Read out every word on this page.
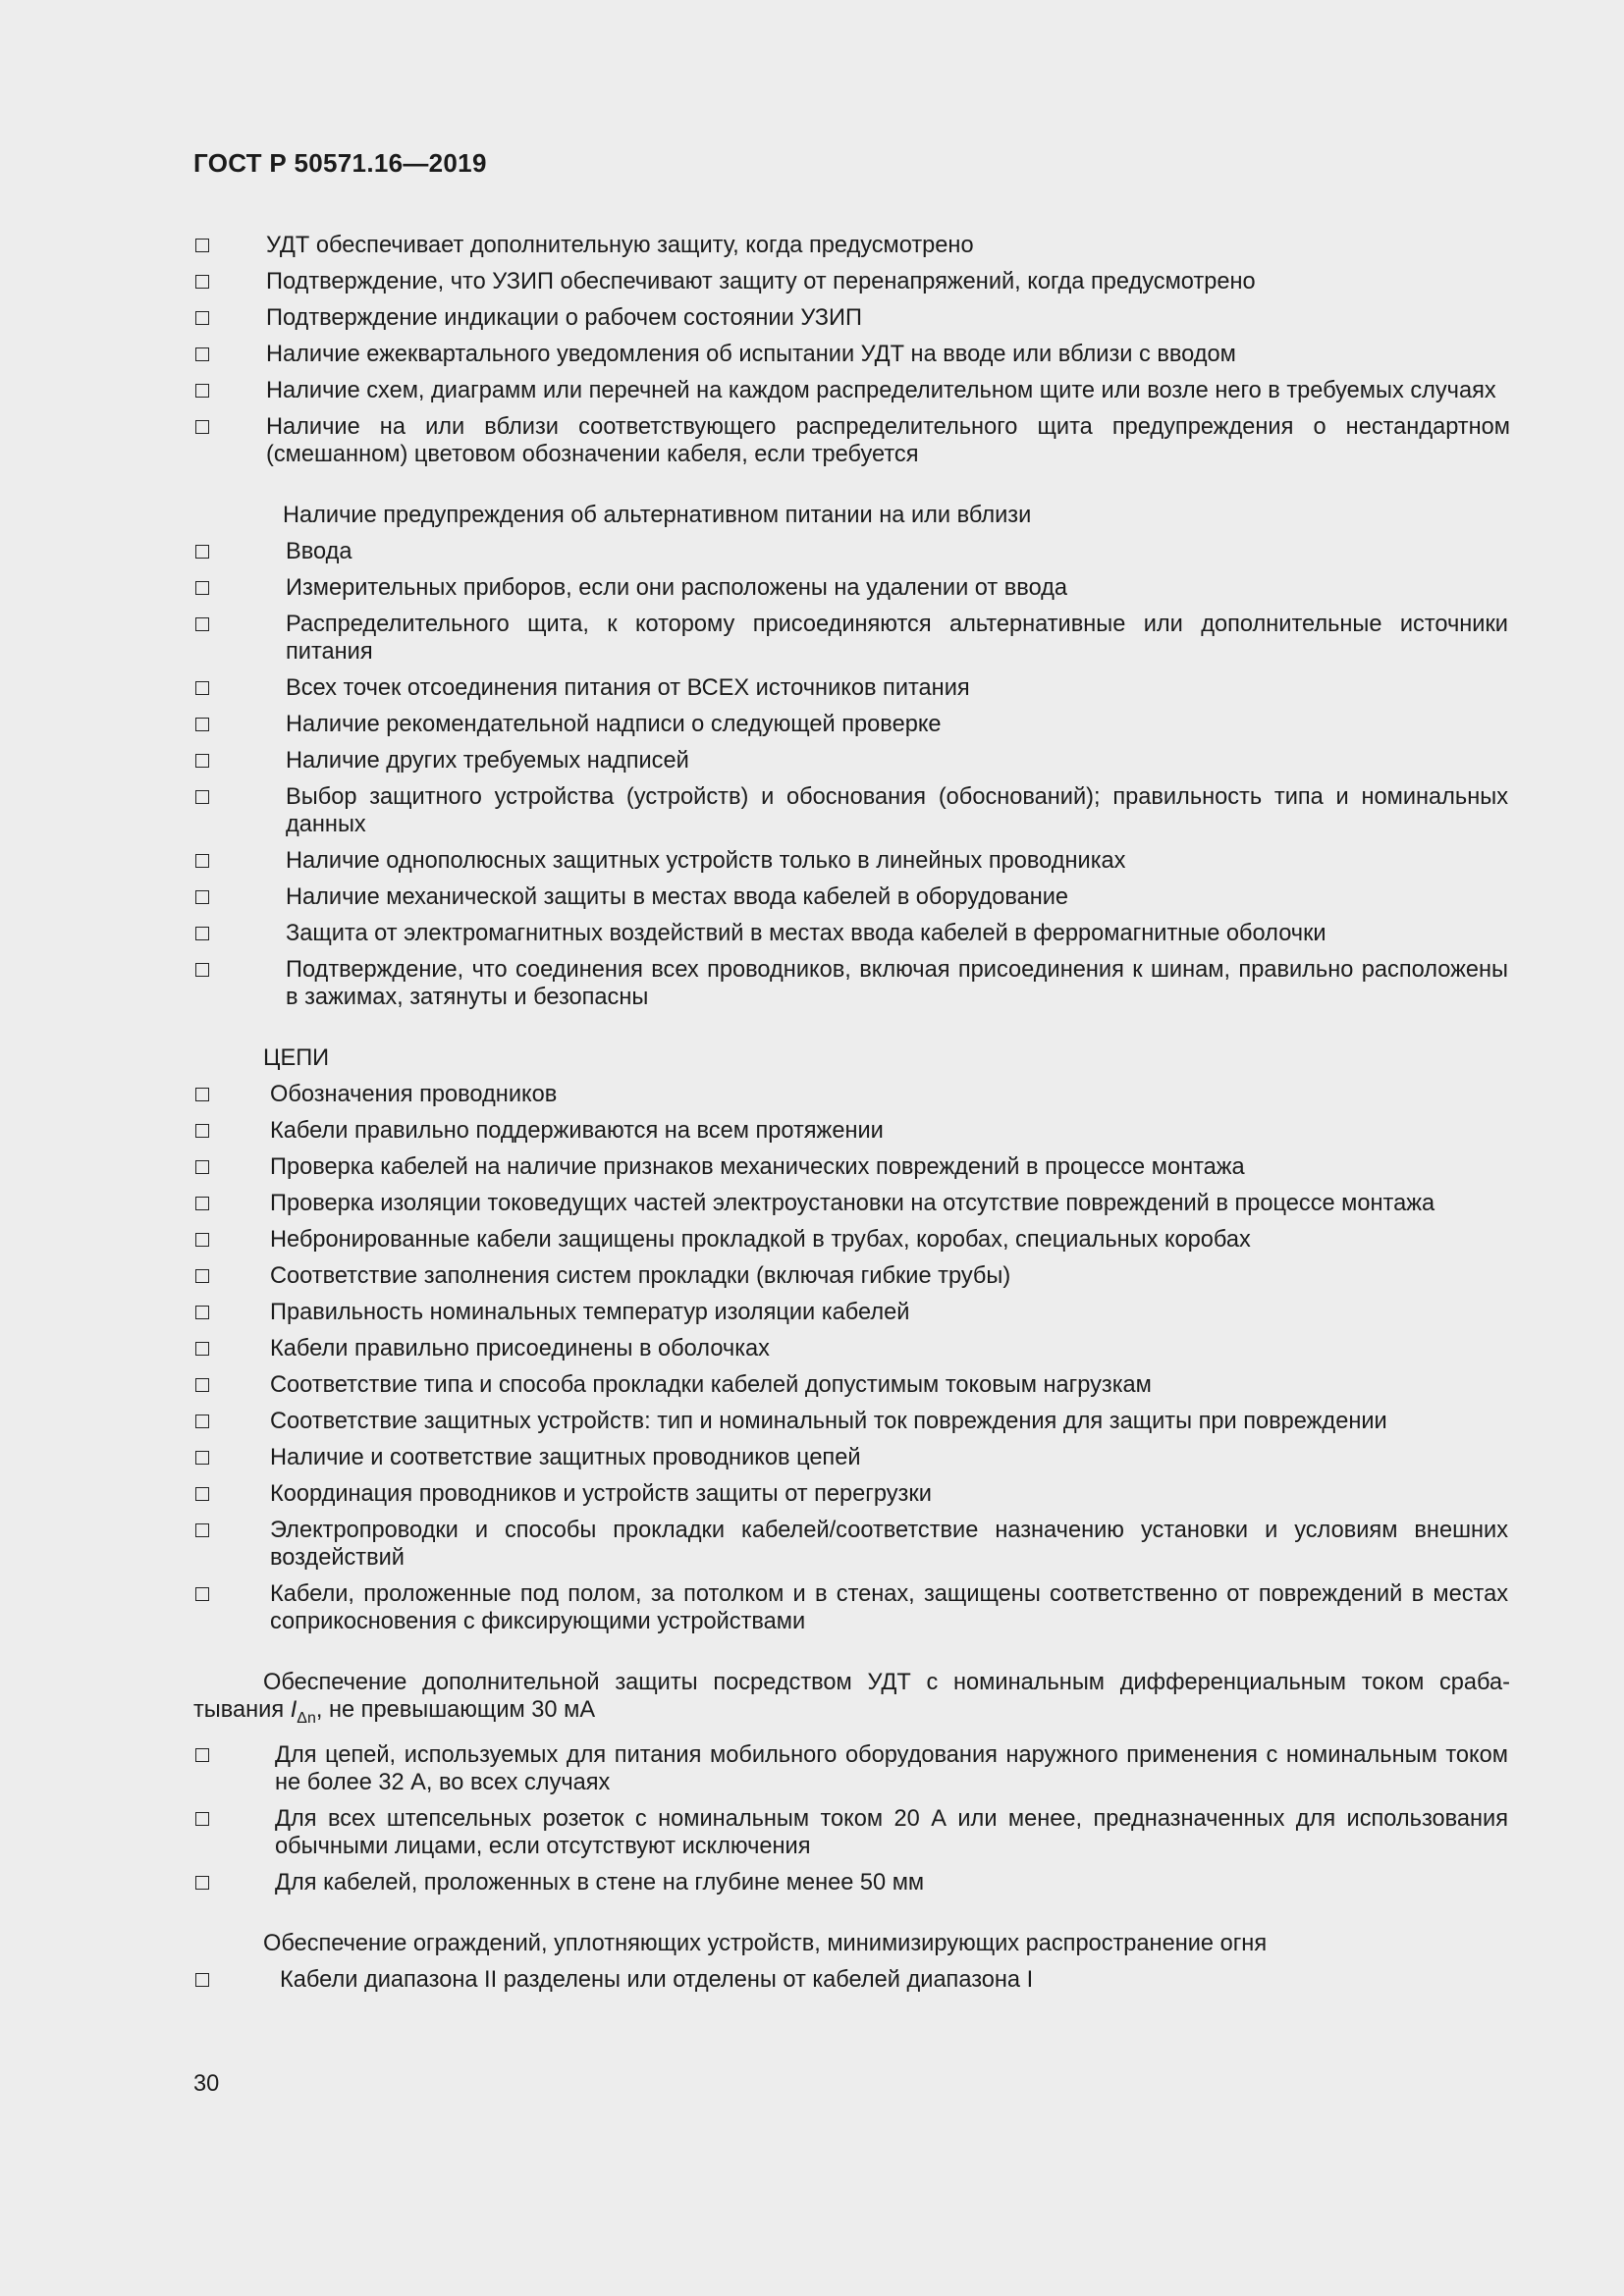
ГОСТ Р 50571.16—2019
УДТ обеспечивает дополнительную защиту, когда предусмотрено
Подтверждение, что УЗИП обеспечивают защиту от перенапряжений, когда предусмотрено
Подтверждение индикации о рабочем состоянии УЗИП
Наличие ежеквартального уведомления об испытании УДТ на вводе или вблизи с вводом
Наличие схем, диаграмм или перечней на каждом распределительном щите или возле него в требуемых случаях
Наличие на или вблизи соответствующего распределительного щита предупреждения о нестандартном (смешанном) цветовом обозначении кабеля, если требуется
Наличие предупреждения об альтернативном питании на или вблизи
Ввода
Измерительных приборов, если они расположены на удалении от ввода
Распределительного щита, к которому присоединяются альтернативные или дополнительные источники питания
Всех точек отсоединения питания от ВСЕХ источников питания
Наличие рекомендательной надписи о следующей проверке
Наличие других требуемых надписей
Выбор защитного устройства (устройств) и обоснования (обоснований); правильность типа и номинальных данных
Наличие однополюсных защитных устройств только в линейных проводниках
Наличие механической защиты в местах ввода кабелей в оборудование
Защита от электромагнитных воздействий в местах ввода кабелей в ферромагнитные оболочки
Подтверждение, что соединения всех проводников, включая присоединения к шинам, правильно расположены в зажимах, затянуты и безопасны
ЦЕПИ
Обозначения проводников
Кабели правильно поддерживаются на всем протяжении
Проверка кабелей на наличие признаков механических повреждений в процессе монтажа
Проверка изоляции токоведущих частей электроустановки на отсутствие повреждений в процессе монтажа
Небронированные кабели защищены прокладкой в трубах, коробах, специальных коробах
Соответствие заполнения систем прокладки (включая гибкие трубы)
Правильность номинальных температур изоляции кабелей
Кабели правильно присоединены в оболочках
Соответствие типа и способа прокладки кабелей допустимым токовым нагрузкам
Соответствие защитных устройств: тип и номинальный ток повреждения для защиты при повреждении
Наличие и соответствие защитных проводников цепей
Координация проводников и устройств защиты от перегрузки
Электропроводки и способы прокладки кабелей/соответствие назначению установки и условиям внешних воздействий
Кабели, проложенные под полом, за потолком и в стенах, защищены соответственно от повреждений в местах соприкосновения с фиксирующими устройствами
Обеспечение дополнительной защиты посредством УДТ с номинальным дифференциальным током срабатывания $I_{\Delta n}$, не превышающим 30 мА
Для цепей, используемых для питания мобильного оборудования наружного применения с номинальным током не более 32 А, во всех случаях
Для всех штепсельных розеток с номинальным током 20 А или менее, предназначенных для использования обычными лицами, если отсутствуют исключения
Для кабелей, проложенных в стене на глубине менее 50 мм
Обеспечение ограждений, уплотняющих устройств, минимизирующих распространение огня
Кабели диапазона II разделены или отделены от кабелей диапазона I
30
